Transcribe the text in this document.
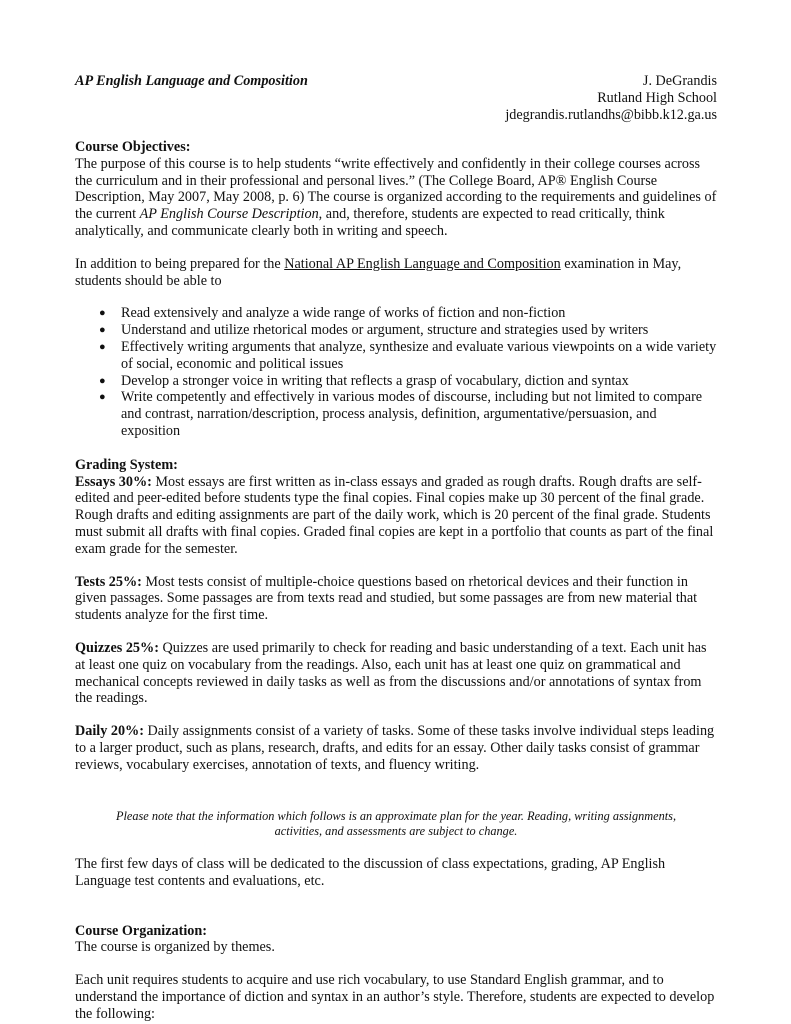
AP English Language and Composition	J. DeGrandis
Rutland High School
jdegrandis.rutlandhs@bibb.k12.ga.us

Course Objectives:

The purpose of this course is to help students “write effectively and confidently in their college courses across the curriculum and in their professional and personal lives.” (The College Board, AP® English Course Description, May 2007, May 2008, p. 6) The course is organized according to the requirements and guidelines of the current AP English Course Description, and, therefore, students are expected to read critically, think analytically, and communicate clearly both in writing and speech.

In addition to being prepared for the National AP English Language and Composition examination in May, students should be able to

● Read extensively and analyze a wide range of works of fiction and non-fiction
● Understand and utilize rhetorical modes or argument, structure and strategies used by writers
● Effectively writing arguments that analyze, synthesize and evaluate various viewpoints on a wide variety of social, economic and political issues
● Develop a stronger voice in writing that reflects a grasp of vocabulary, diction and syntax
● Write competently and effectively in various modes of discourse, including but not limited to compare and contrast, narration/description, process analysis, definition, argumentative/persuasion, and exposition

Grading System:

Essays 30%: Most essays are first written as in-class essays and graded as rough drafts. Rough drafts are self-edited and peer-edited before students type the final copies. Final copies make up 30 percent of the final grade. Rough drafts and editing assignments are part of the daily work, which is 20 percent of the final grade. Students must submit all drafts with final copies. Graded final copies are kept in a portfolio that counts as part of the final exam grade for the semester.

Tests 25%: Most tests consist of multiple-choice questions based on rhetorical devices and their function in given passages. Some passages are from texts read and studied, but some passages are from new material that students analyze for the first time.

Quizzes 25%: Quizzes are used primarily to check for reading and basic understanding of a text. Each unit has at least one quiz on vocabulary from the readings. Also, each unit has at least one quiz on grammatical and mechanical concepts reviewed in daily tasks as well as from the discussions and/or annotations of syntax from the readings.

Daily 20%: Daily assignments consist of a variety of tasks. Some of these tasks involve individual steps leading to a larger product, such as plans, research, drafts, and edits for an essay. Other daily tasks consist of grammar reviews, vocabulary exercises, annotation of texts, and fluency writing.

Please note that the information which follows is an approximate plan for the year. Reading, writing assignments, activities, and assessments are subject to change.

The first few days of class will be dedicated to the discussion of class expectations, grading, AP English Language test contents and evaluations, etc.

Course Organization:

The course is organized by themes.

Each unit requires students to acquire and use rich vocabulary, to use Standard English grammar, and to understand the importance of diction and syntax in an author’s style. Therefore, students are expected to develop the following:
